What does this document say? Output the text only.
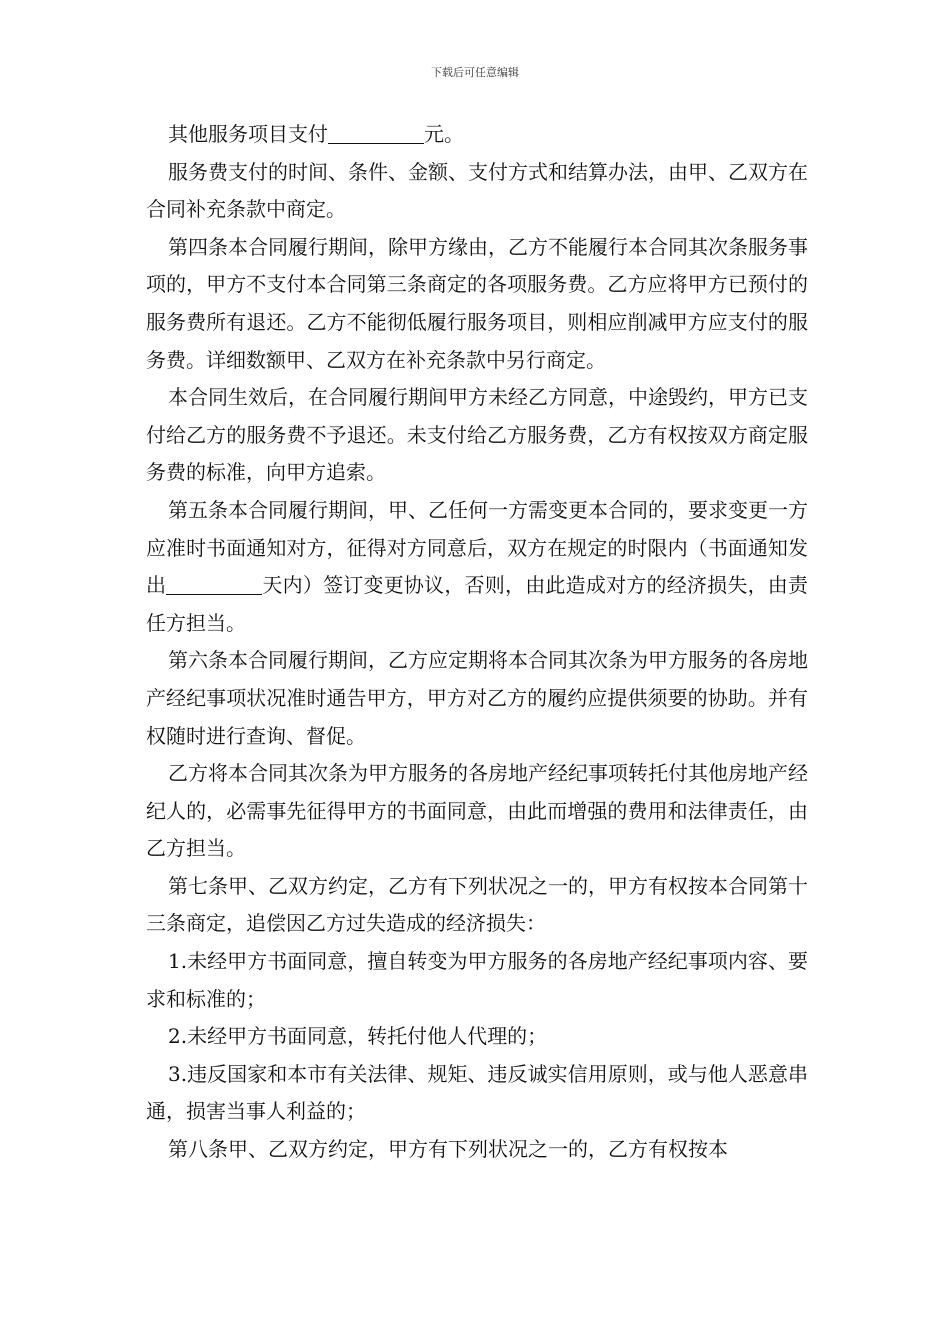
下载后可任意编辑

其他服务项目支付	元。

服务费支付的时间、条件、金额、支付方式和结算办法，由甲、乙双方在合同补充条款中商定。

第四条本合同履行期间，除甲方缘由，乙方不能履行本合同其次条服务事项的，甲方不支付本合同第三条商定的各项服务费。乙方应将甲方已预付的服务费所有退还。乙方不能彻低履行服务项目，则相应削减甲方应支付的服务费。详细数额甲、乙双方在补充条款中另行商定。

本合同生效后，在合同履行期间甲方未经乙方同意，中途毁约，甲方已支付给乙方的服务费不予退还。未支付给乙方服务费，乙方有权按双方商定服务费的标准，向甲方追索。

第五条本合同履行期间，甲、乙任何一方需变更本合同的，要求变更一方应准时书面通知对方，征得对方同意后，双方在规定的时限内（书面通知发出	天内）签订变更协议，否则，由此造成对方的经济损失，由责任方担当。

第六条本合同履行期间，乙方应定期将本合同其次条为甲方服务的各房地产经纪事项状况准时通告甲方，甲方对乙方的履约应提供须要的协助。并有权随时进行查询、督促。

乙方将本合同其次条为甲方服务的各房地产经纪事项转托付其他房地产经纪人的，必需事先征得甲方的书面同意，由此而增强的费用和法律责任，由乙方担当。

第七条甲、乙双方约定，乙方有下列状况之一的，甲方有权按本合同第十三条商定，追偿因乙方过失造成的经济损失：

1.未经甲方书面同意，擅自转变为甲方服务的各房地产经纪事项内容、要求和标准的；

2.未经甲方书面同意，转托付他人代理的；

3.违反国家和本市有关法律、规矩、违反诚实信用原则，或与他人恶意串通，损害当事人利益的；

第八条甲、乙双方约定，甲方有下列状况之一的，乙方有权按本
